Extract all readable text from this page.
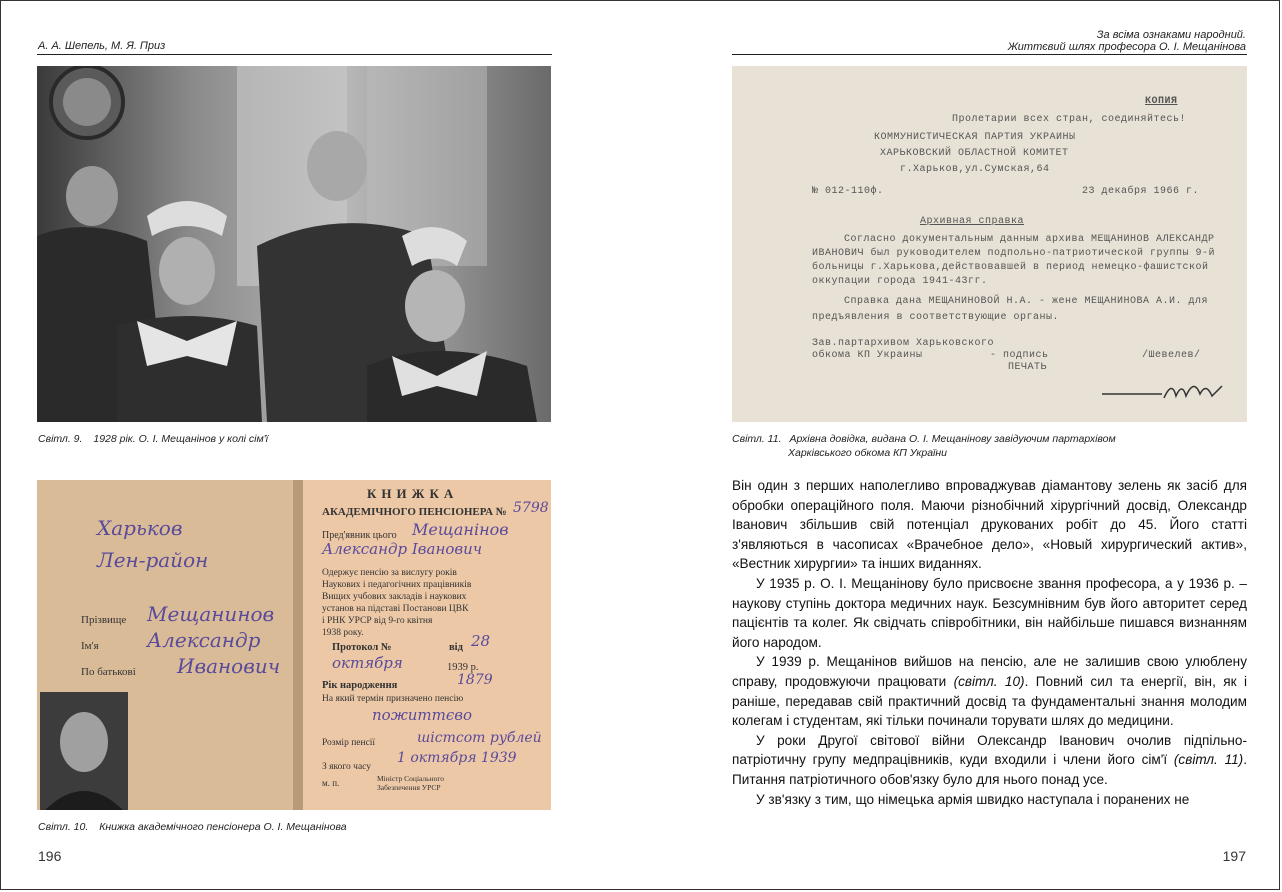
А. А. Шепель, М. Я. Приз
Світл. 9. 1928 рік. О. І. Мещанінов у колі сім'ї
Харьков
Лен-район
Прізвище Мещанинов
Ім'я Александр
По батькові Иванович
КНИЖКА
АКАДЕМІЧНОГО ПЕНСІОНЕРА № 5798
Пред'явник цього Мещанінов
Александр Іванович
Одержує пенсію за вислугу років
Наукових і педагогічних працівників
Вищих учбових закладів і наукових
установ на підставі Постанови ЦВК
і РНК УРСР від 9-го квітня
1938 року.
Протокол №	від 28
октября	1939 р.
Рік народження	1879
На який термін призначено пенсію
пожиттєво
Розмір пенсії	шістсот рублей
З якого часу
1 октября 1939
м. п.	Міністр Соціального Забезпечення УРСР
Світл. 10. Книжка академічного пенсіонера О. І. Мещанінова
196
За всіма ознаками народний.
Життєвий шлях професора О. І. Мещанінова
КОПИЯ
Пролетарии всех стран, соединяйтесь!
КОММУНИСТИЧЕСКАЯ ПАРТИЯ УКРАИНЫ
ХАРЬКОВСКИЙ ОБЛАСТНОЙ КОМИТЕТ
г.Харьков,ул.Сумская,64
№ 012-110ф.	23 декабря 1966 г.
Архивная справка
Согласно документальным данным архива МЕЩАНИНОВ АЛЕКСАНДР
ИВАНОВИЧ был руководителем подпольно-патриотической группы 9-й
больницы г.Харькова,действовавшей в период немецко-фашистской
оккупации города 1941-43гг.
Справка дана МЕЩАНИНОВОЙ Н.А. - жене МЕЩАНИНОВА А.И. для
предъявления в соответствующие органы.
Зав.партархивом Харьковского
обкома КП Украины	- подпись
ПЕЧАТЬ
/Шевелев/
Світл. 11. Архівна довідка, видана О. І. Мещанінову завідуючим партархівом
Харківського обкома КП України

Він один з перших наполегливо впроваджував діамантову зелень як засіб для обробки операційного поля. Маючи різнобічний хірургічний досвід, Олександр Іванович збільшив свій потенціал друкованих робіт до 45. Його статті з'являються в часописах «Врачебное дело», «Новый хирургический актив», «Вестник хирургии» та інших виданнях.

У 1935 р. О. І. Мещанінову було присвоєне звання професора, а у 1936 р. – наукову ступінь доктора медичних наук. Безсумнівним був його авторитет серед пацієнтів та колег. Як свідчать співробітники, він найбільше пишався визнанням його народом.

У 1939 р. Мещанінов вийшов на пенсію, але не залишив свою улюблену справу, продовжуючи працювати (світл. 10). Повний сил та енергії, він, як і раніше, передавав свій практичний досвід та фундаментальні знання молодим колегам і студентам, які тільки починали торувати шлях до медицини.

У роки Другої світової війни Олександр Іванович очолив підпільно-патріотичну групу медпрацівників, куди входили і члени його сім'ї (світл. 11). Питання патріотичного обов'язку було для нього понад усе.

У зв'язку з тим, що німецька армія швидко наступала і поранених не

197
